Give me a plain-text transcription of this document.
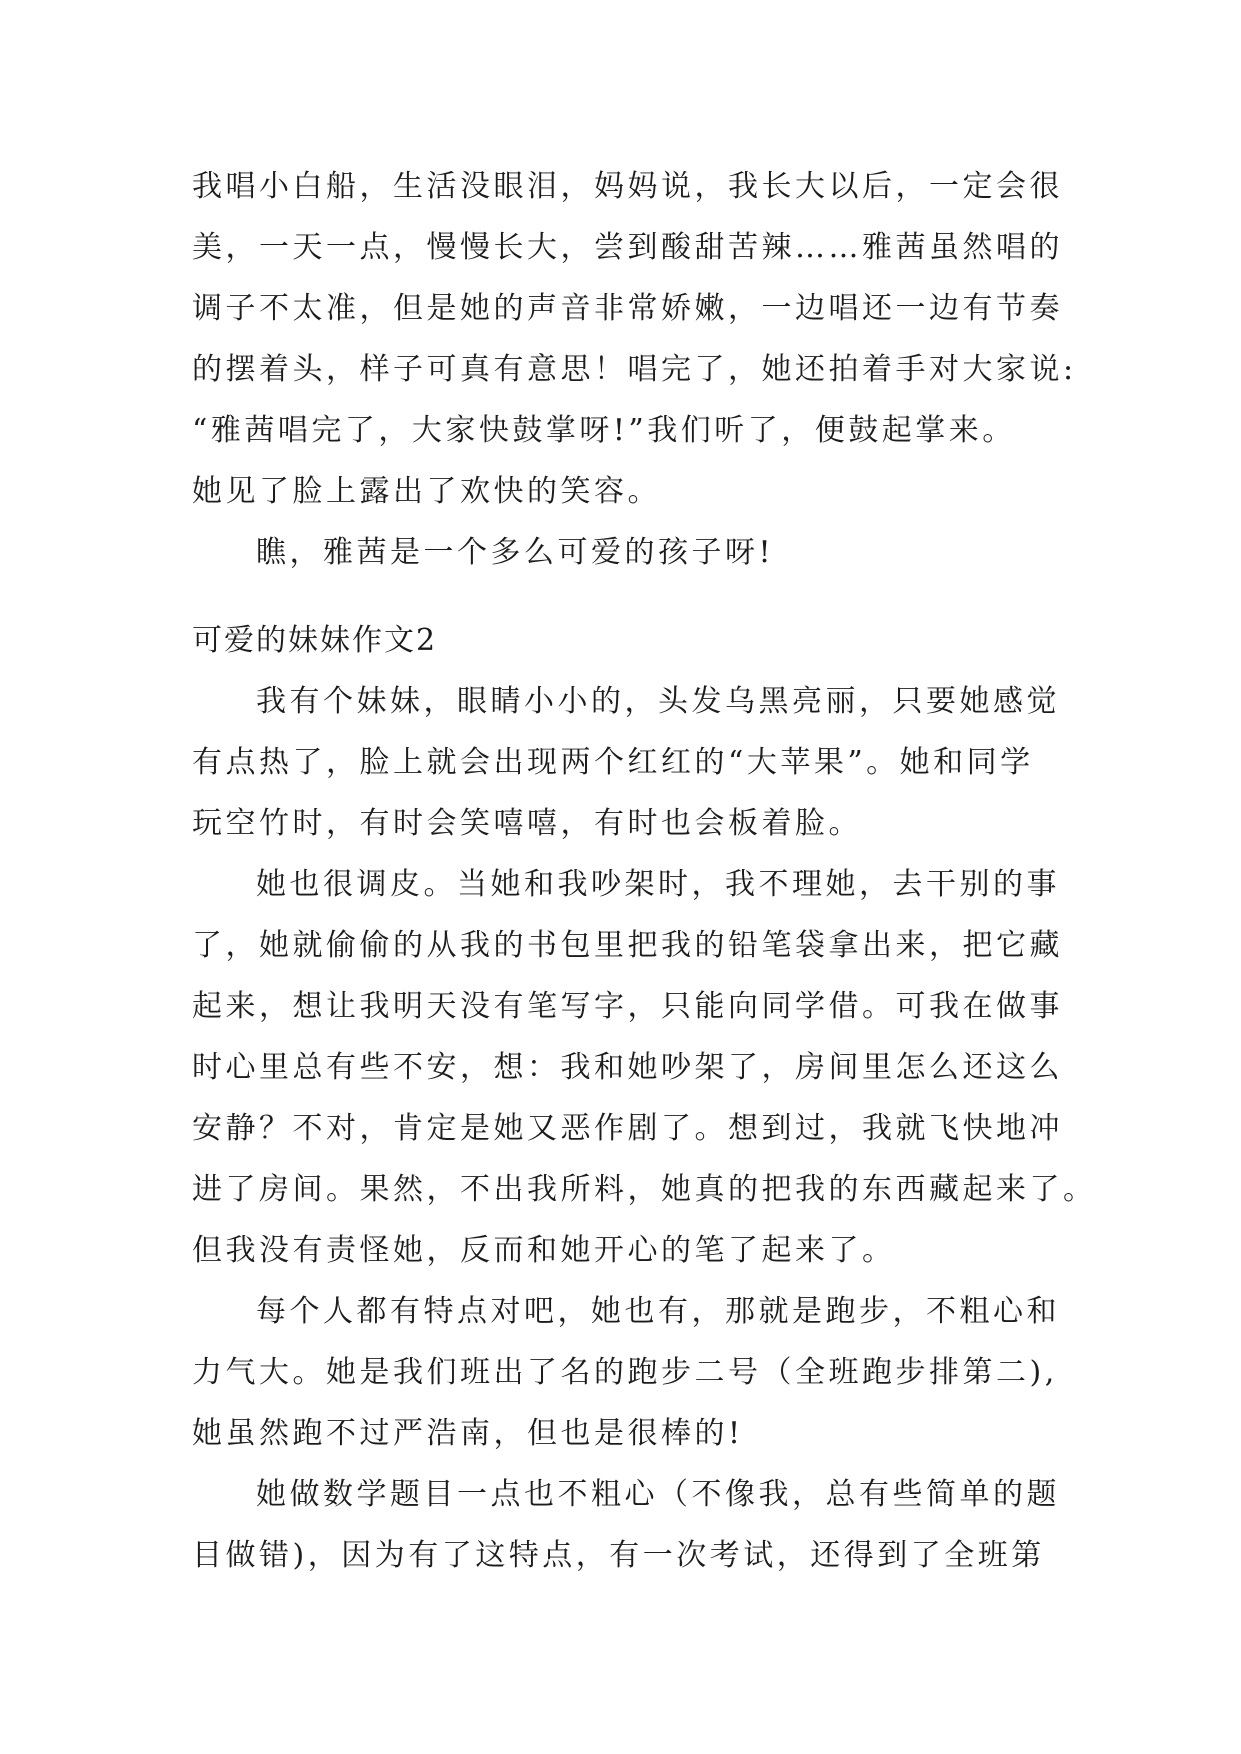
我唱小白船，生活没眼泪，妈妈说，我长大以后，一定会很
美，一天一点，慢慢长大，尝到酸甜苦辣……雅茜虽然唱的
调子不太准，但是她的声音非常娇嫩，一边唱还一边有节奏
的摆着头，样子可真有意思！唱完了，她还拍着手对大家说:
“雅茜唱完了，大家快鼓掌呀!”我们听了，便鼓起掌来。
她见了脸上露出了欢快的笑容。
瞧，雅茜是一个多么可爱的孩子呀!
可爱的妹妹作文2
我有个妹妹，眼睛小小的，头发乌黑亮丽，只要她感觉
有点热了，脸上就会出现两个红红的“大苹果”。她和同学
玩空竹时，有时会笑嘻嘻，有时也会板着脸。
她也很调皮。当她和我吵架时，我不理她，去干别的事
了，她就偷偷的从我的书包里把我的铅笔袋拿出来，把它藏
起来，想让我明天没有笔写字，只能向同学借。可我在做事
时心里总有些不安，想：我和她吵架了，房间里怎么还这么
安静？不对，肯定是她又恶作剧了。想到过，我就飞快地冲
进了房间。果然，不出我所料，她真的把我的东西藏起来了。
但我没有责怪她，反而和她开心的笔了起来了。
每个人都有特点对吧，她也有，那就是跑步，不粗心和
力气大。她是我们班出了名的跑步二号（全班跑步排第二),
她虽然跑不过严浩南，但也是很棒的!
她做数学题目一点也不粗心（不像我，总有些简单的题
目做错)，因为有了这特点，有一次考试，还得到了全班第
